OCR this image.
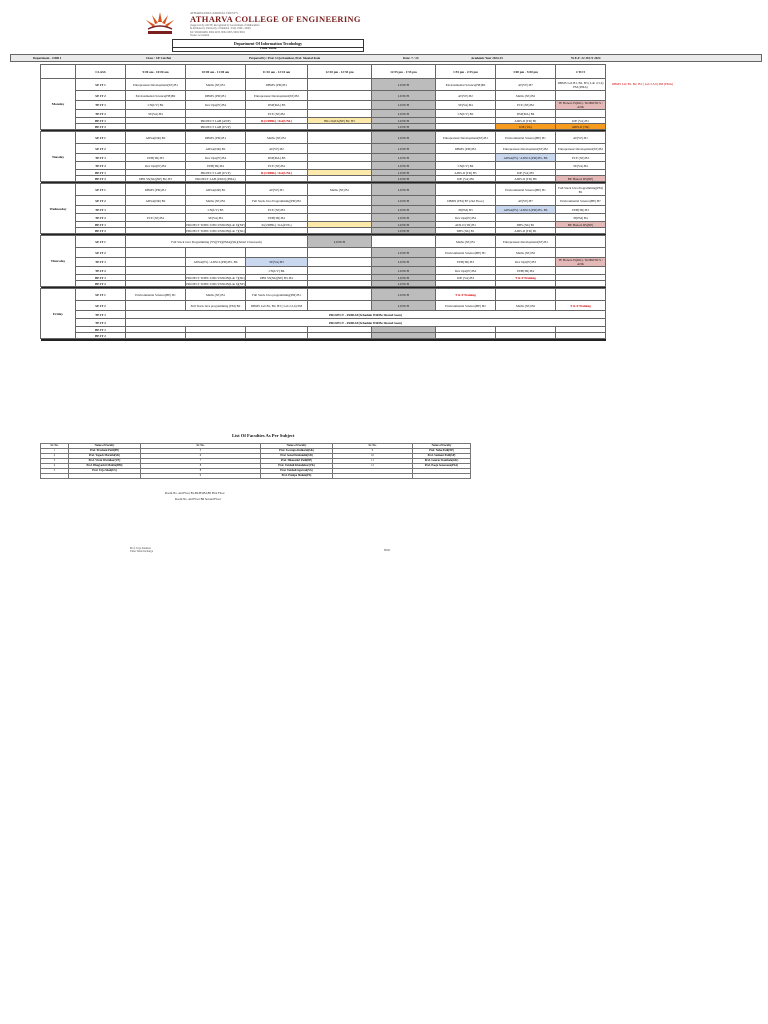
ATHARVA EDUCATIONAL TRUST'S
ATHARVA COLLEGE OF ENGINEERING
(Approved by AICTE, Recognized by Government of Maharashtra
& Affiliated to University of Mumbai - Estd. 1999 - 2000)
Tel: 9004204406, 9004 4203, 9004 4303, 9004 3004
NAAC Accredited
Department Of Information Tecnhology
Time Table
Department - ODD I	Class : SE Cal-Bet	Prepared by: Prof. Urja Kantkar, Prof. Sheetal Kale	Date: 7 / 24	Academic Year 2024-25	W.E.F: 22 JULY 2024
	CLASS	9:00 am - 10:00 am	10:00 am - 11:00 am	11:10 am - 12:10 am	12:10 pm - 12:55 pm	12:55 pm - 1:55 pm	1:55 pm - 2:55 pm	3:00 pm - 5:00 pm	4 TO 5
Monday	SE IT 1	Entrepreneur Development(SE) B1	Maths (SE) B1	DBMS (PM) B1		LUNCH	Environmental Science(HE)B2	AT(VE) B7	DBMS Lab B1, B2, B3 ( Lab 2,5,6) PM (PMA)
	SE IT 2	Environmental Science(HE)B2	DBMS (PM) B1	Entrepreneur Development(SE) B2		LUNCH	AT(VE) B2	Maths (SE) B2	
	TE IT 1	CN(UV) B2	Dev Ops(PJ) B4	DSP(MA) B3		LUNCH	SE(VA) B4	PCE (SE) B2	TE Honors IS(KK) / ROBOTICS / ANK
	TE IT 2	SE(VA) B4		PCE (SE) B2		LUNCH	CN(UV) B2	DSP(MA) B4	
	BE IT 1		PROJECT LAB (ANP)	IL(UDHK) / KA(UNL)	BIG DATA(NP) B2, B3	LUNCH		AIDS-II (TR) B1	IOE (VA) B1
	BE IT 2		PROJECT LAB (UVP)			LUNCH		IOE (VA)	AIDS-II (TR)

Tuesday	SE IT 1	ADSA(DR) B2	DBMS (PM) B1	Maths (SE) B1		LUNCH	Entrepreneur Development(SE) B1	Environmental Science(HE) B1	AT(VE) B1
	SE IT 2		ADSA(DR) B2	AT(VE) B2		LUNCH	DBMS (PM) B2	Entrepreneur Development(SE) B2	Entrepreneur Development(SE) B2
	TE IT 1	EEB(TR) B3	Dev Ops(PJ) B4	DSP(MA) B3		LUNCH		ADSA(PS) / ADSCL(PM) B5, B6	PCE (SE) B3
	TE IT 2	Dev Ops(PJ) B4	EEB(TR) B4	PCE (SE) B4		LUNCH	CN(UV) B4		SE(VA) B4
	BE IT 1		PROJECT LAB (UVP)	IL(UDHK) / KA(UNL)		LUNCH	AIDS-II (TR) B5	IOE (VA) B5	
	BE IT 2	DBS SS(SK)(NP) B2, B3	PROJECT LAB (UKD) (PMA)			LUNCH	IOE (VA) B6	AIDS-II (TR) B6	BE Honors DS(NP)

Wednesday	SE IT 1	DBMS (PM) B1	ADSA(DR) B1	AT(VE) B1	Maths (SE) B1	LUNCH		Environmental Science(HE) B1	Full Stack Java Programming(PM) B1
	SE IT 2	ADSA(DR) B2	Maths (SE) B2	Full Stack Java Programming(PM) B2		LUNCH	DBMS (PM) B7 (2nd Floor)	AT(VE) B7	Environmental Science(HE) B7
	TE IT 1		CN(UV) B3	PCE (SE) B3		LUNCH	IP(PM) B3	ADSA(PS) / ADSCL(PM) B5, B6	EEB(TR) B3
	TE IT 2	PCE (SE) B4	SE(VA) B4	EEB(TR) B4		LUNCH	Dev Ops(PJ) B4		IP(PM) B4
	BE IT 1		PROJECT TOPIC DISCUSSION(Lab 6)(NP)	IL(UDHK) / KA(UNL)		LUNCH	ADS-II (TR) B1	DBS (SK) B1	BE Honors DS(NP)
	BE IT 2		PROJECT TOPIC DISCUSSION(Lab 7)(SK)			LUNCH	DBS (SK) B1	AIDS-II (TR) B1	

Thursday	SE IT 1	Full Stack Java Programming (YS)(YS)(PMA)(SK)(Smart Classroom)			LUNCH		Maths (SE) B1	Entrepreneur Development(SE) B1	
	SE IT 2					LUNCH	Environmental Science(HE) B1	Maths (SE) B2	
	TE IT 1		ADSA(PS) / ADSCL(PM) B5, B6	SE(VA) B3		LUNCH	EEB(TR) B3	Dev Ops(PJ) B3	TE Honors IS(KK) / ROBOTICS / ANK
	TE IT 2			CN(UV) B4		LUNCH	Dev Ops(PJ) B4	EEB(TR) B4	
	BE IT 1		PROJECT TOPIC DISCUSSION(Lab 7)(SK)	DBS SS(SK)(NP) B3, B4		LUNCH	IOE (VA) B3	T & P Training	
	BE IT 2		PROJECT TOPIC DISCUSSION(Lab 6)(NP)			LUNCH			

Friday	SE IT 1	Environmental Science(HE) B1	Maths (SE) B1	Full Stack Java programming(PM) B1		LUNCH	T & P Training		
	SE IT 2		Full Stack Java programming (PM) B2	DBMS Lab B1, B2, B3 ( Lab 2,5,6) PM		LUNCH	Environmental Science(HE) B2	Maths (SE) B2	T & P Training
	TE IT 1	PROJECT - FRIDAY(Schedule Will Be Shared Soon)							
	TE IT 2	PROJECT - FRIDAY(Schedule Will Be Shared Soon)							
	BE IT 1								
	BE IT 2								

DBMS Lab B1, B2, B3 ( Lab 2,5,6) PM (PMA)
List Of Faculties As Per Subject
Sr. No.	Name of Faculty	Sr. No.	Name of Faculty	Sr. No.	Name of Faculty
1	Prof. Prashant Patil(PP)	5	Prof. Swarupa Kulkarni(SK)	9	Prof. Neha Patil(NP)
2	Prof. Yogesh Maruthi(SK)	6	Prof. Sonal Deshmukh(SD)	10	Prof. Sushant Patil(SP)
3	Prof. Vivek Warulkar(VE)	7	Prof. Dhanashri Patil(DP)	11	Prof. Gaurav Kambale(GK)
4	Prof. Bhagyashri Mohite(BM)	8	Prof. Vaishali Khandekar(VK)	12	Prof. Pooja Sonawane(PSA)
5	Prof. Urja Shah(US)	8	Prof. Vaishali Agarwal(VA)		
		9	Prof. Pushpa Shukla(PS)		
Room No. and Floor B1,B2,B3,B4,B5 First Floor
Room No. and Floor B6 Second Floor
Prof. Urja Kantkar
Time Table Incharge	HOD
